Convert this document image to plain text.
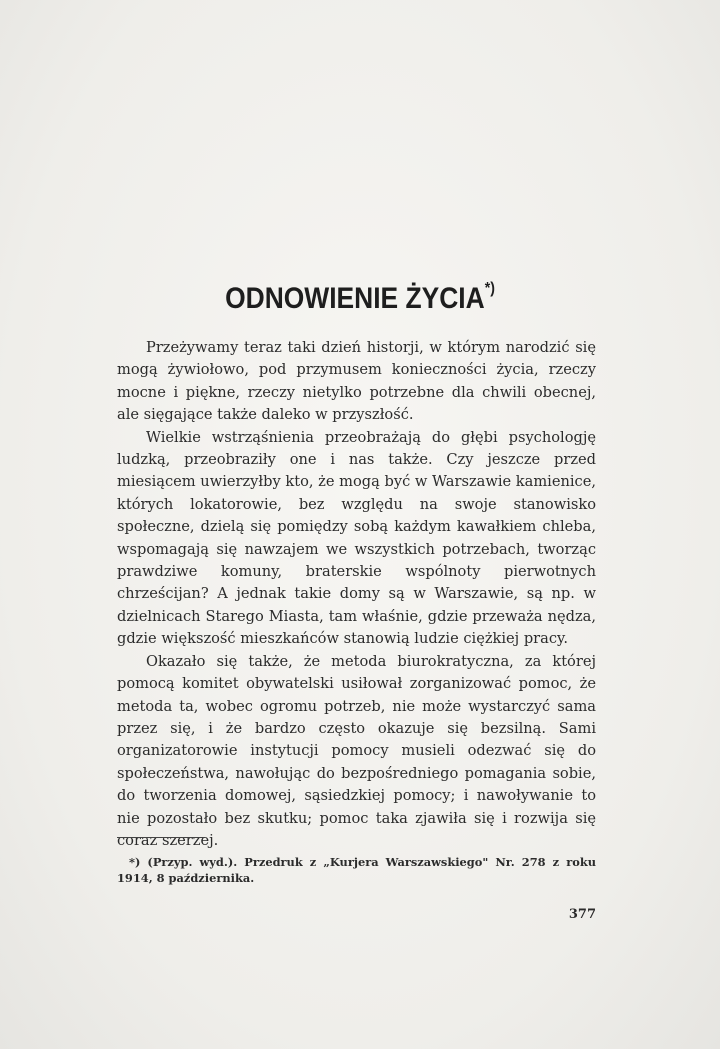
ODNOWIENIE ŻYCIA*)

Przeżywamy teraz taki dzień historji, w którym narodzić się mogą żywiołowo, pod przymusem konieczności życia, rzeczy mocne i piękne, rzeczy nietylko potrzebne dla chwili obecnej, ale sięgające także daleko w przyszłość.

Wielkie wstrząśnienia przeobrażają do głębi psychologję ludzką, przeobraziły one i nas także. Czy jeszcze przed miesiącem uwierzyłby kto, że mogą być w Warszawie kamienice, których lokatorowie, bez względu na swoje stanowisko społeczne, dzielą się pomiędzy sobą każdym kawałkiem chleba, wspomagają się nawzajem we wszystkich potrzebach, tworząc prawdziwe komuny, braterskie wspólnoty pierwotnych chrześcijan? A jednak takie domy są w Warszawie, są np. w dzielnicach Starego Miasta, tam właśnie, gdzie przeważa nędza, gdzie większość mieszkańców stanowią ludzie ciężkiej pracy.

Okazało się także, że metoda biurokratyczna, za której pomocą komitet obywatelski usiłował zorganizować pomoc, że metoda ta, wobec ogromu potrzeb, nie może wystarczyć sama przez się, i że bardzo często okazuje się bezsilną. Sami organizatorowie instytucji pomocy musieli odezwać się do społeczeństwa, nawołując do bezpośredniego pomagania sobie, do tworzenia domowej, sąsiedzkiej pomocy; i nawoływanie to nie pozostało bez skutku; pomoc taka zjawiła się i rozwija się coraz szerzej.

*) (Przyp. wyd.). Przedruk z „Kurjera Warszawskiego" Nr. 278 z roku 1914, 8 października.

377
